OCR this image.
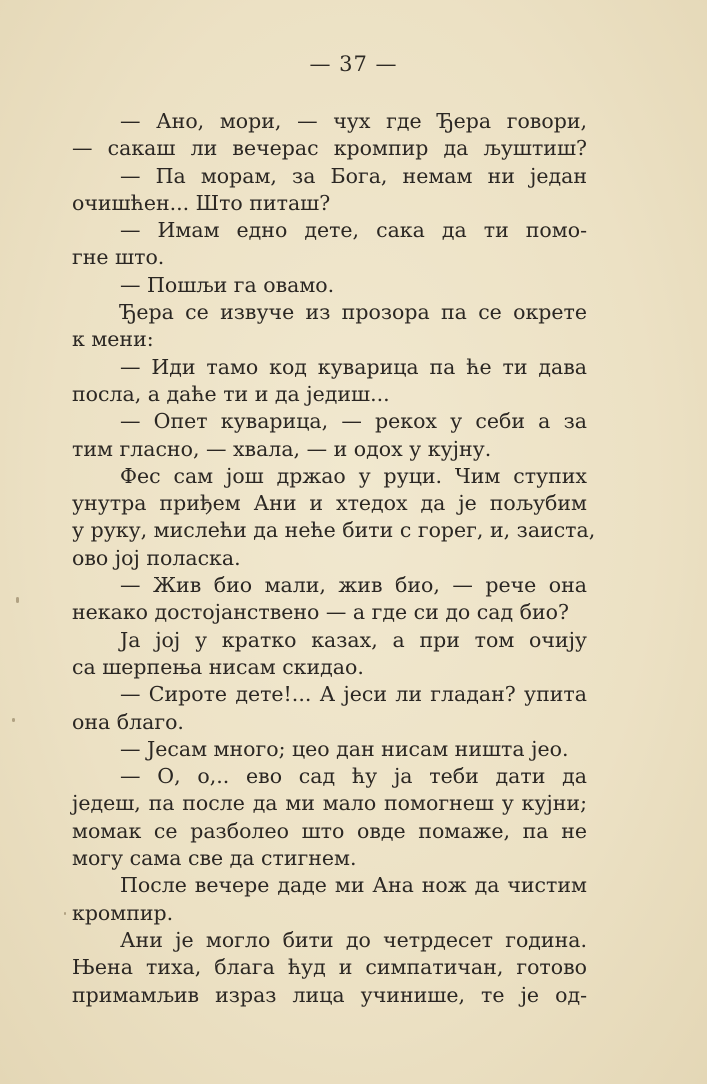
— 37 —
— Ано, мори, — чух где Ђера говори,
— сакаш ли вечерас кромпир да љуштиш?
— Па морам, за Бога, немам ни један
очишћен... Што питаш?
— Имам едно дете, сака да ти помо-
гне што.
— Пошљи га овамо.
Ђера се извуче из прозора па се окрете
к мени:
— Иди тамо код куварица па ће ти дава
посла, а даће ти и да једиш...
— Опет куварица, — рекох у себи а за
тим гласно, — хвала, — и одох у кујну.
Фес сам још држао у руци. Чим ступих
унутра приђем Ани и хтедох да је пољубим
у руку, мислећи да неће бити с горег, и, заиста,
ово јој поласка.
— Жив био мали, жив био, — рече она
некако достојанствено — а где си до сад био?
Ја јој у кратко казах, а при том очију
са шерпења нисам скидао.
— Сироте дете!... А јеси ли гладан? упита
она благо.
— Јесам много; цео дан нисам ништа јео.
— О, о,.. ево сад ћу ја теби дати да
једеш, па после да ми мало помогнеш у кујни;
момак се разболео што овде помаже, па не
могу сама све да стигнем.
После вечере даде ми Ана нож да чистим
кромпир.
Ани је могло бити до четрдесет година.
Њена тиха, блага ћуд и симпатичан, готово
примамљив израз лица учинише, те је од-
